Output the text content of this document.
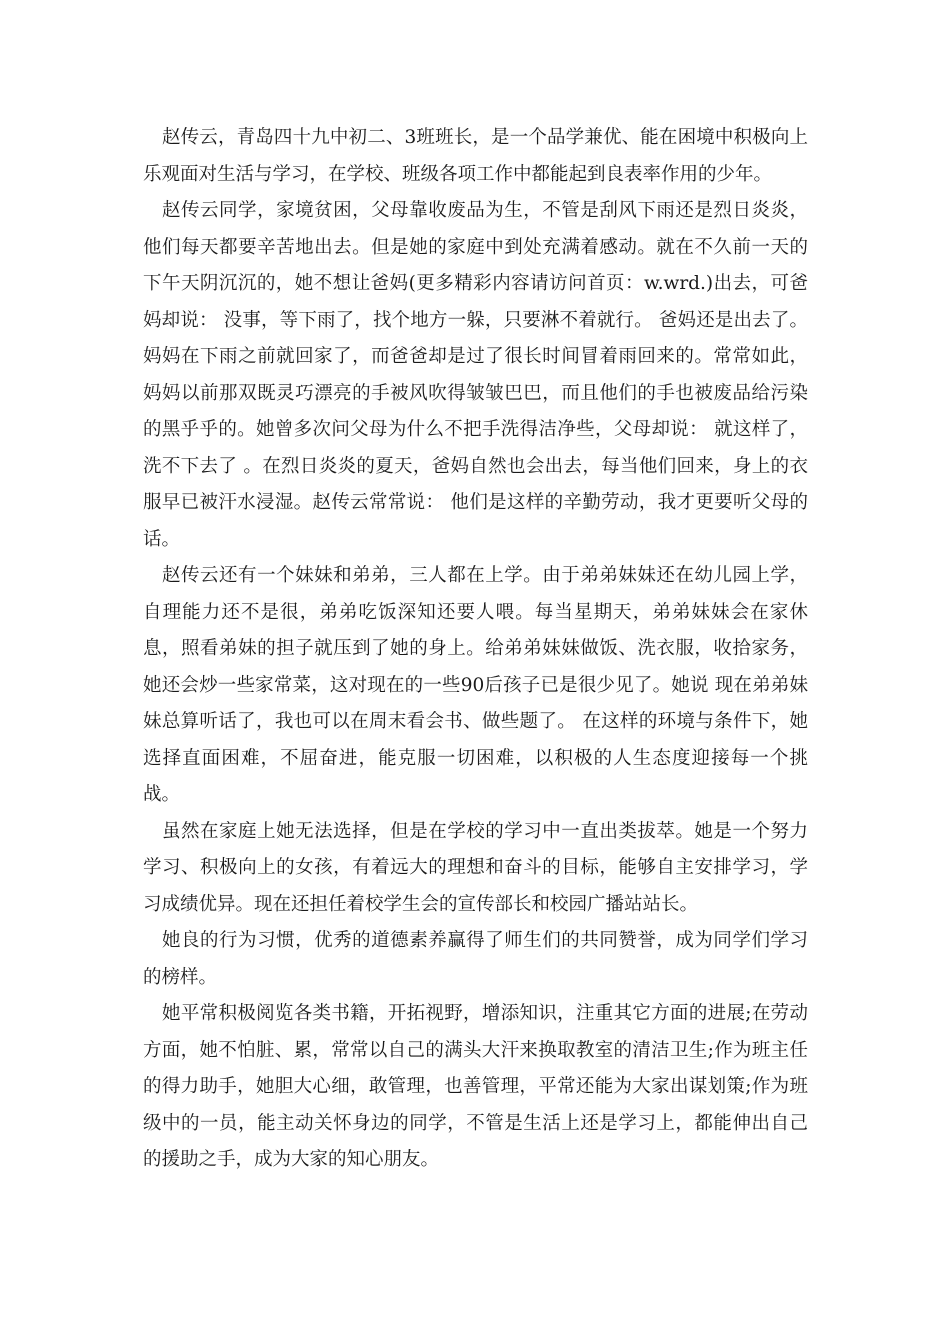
赵传云，青岛四十九中初二、3班班长，是一个品学兼优、能在困境中积极向上乐观面对生活与学习，在学校、班级各项工作中都能起到良表率作用的少年。

赵传云同学，家境贫困，父母靠收废品为生，不管是刮风下雨还是烈日炎炎，他们每天都要辛苦地出去。但是她的家庭中到处充满着感动。就在不久前一天的下午天阴沉沉的，她不想让爸妈(更多精彩内容请访问首页：w.wrd.)出去，可爸妈却说： 没事，等下雨了，找个地方一躲，只要淋不着就行。 爸妈还是出去了。妈妈在下雨之前就回家了，而爸爸却是过了很长时间冒着雨回来的。常常如此，妈妈以前那双既灵巧漂亮的手被风吹得皱皱巴巴，而且他们的手也被废品给污染的黑乎乎的。她曾多次问父母为什么不把手洗得洁净些，父母却说： 就这样了，洗不下去了 。在烈日炎炎的夏天，爸妈自然也会出去，每当他们回来，身上的衣服早已被汗水浸湿。赵传云常常说： 他们是这样的辛勤劳动，我才更要听父母的话。

赵传云还有一个妹妹和弟弟，三人都在上学。由于弟弟妹妹还在幼儿园上学，自理能力还不是很，弟弟吃饭深知还要人喂。每当星期天，弟弟妹妹会在家休息，照看弟妹的担子就压到了她的身上。给弟弟妹妹做饭、洗衣服，收拾家务，她还会炒一些家常菜，这对现在的一些90后孩子已是很少见了。她说 现在弟弟妹妹总算听话了，我也可以在周末看会书、做些题了。 在这样的环境与条件下，她选择直面困难，不屈奋进，能克服一切困难，以积极的人生态度迎接每一个挑战。

虽然在家庭上她无法选择，但是在学校的学习中一直出类拔萃。她是一个努力学习、积极向上的女孩，有着远大的理想和奋斗的目标，能够自主安排学习，学习成绩优异。现在还担任着校学生会的宣传部长和校园广播站站长。

她良的行为习惯，优秀的道德素养赢得了师生们的共同赞誉，成为同学们学习的榜样。

她平常积极阅览各类书籍，开拓视野，增添知识，注重其它方面的进展;在劳动方面，她不怕脏、累，常常以自己的满头大汗来换取教室的清洁卫生;作为班主任的得力助手，她胆大心细，敢管理，也善管理，平常还能为大家出谋划策;作为班级中的一员，能主动关怀身边的同学，不管是生活上还是学习上，都能伸出自己的援助之手，成为大家的知心朋友。
